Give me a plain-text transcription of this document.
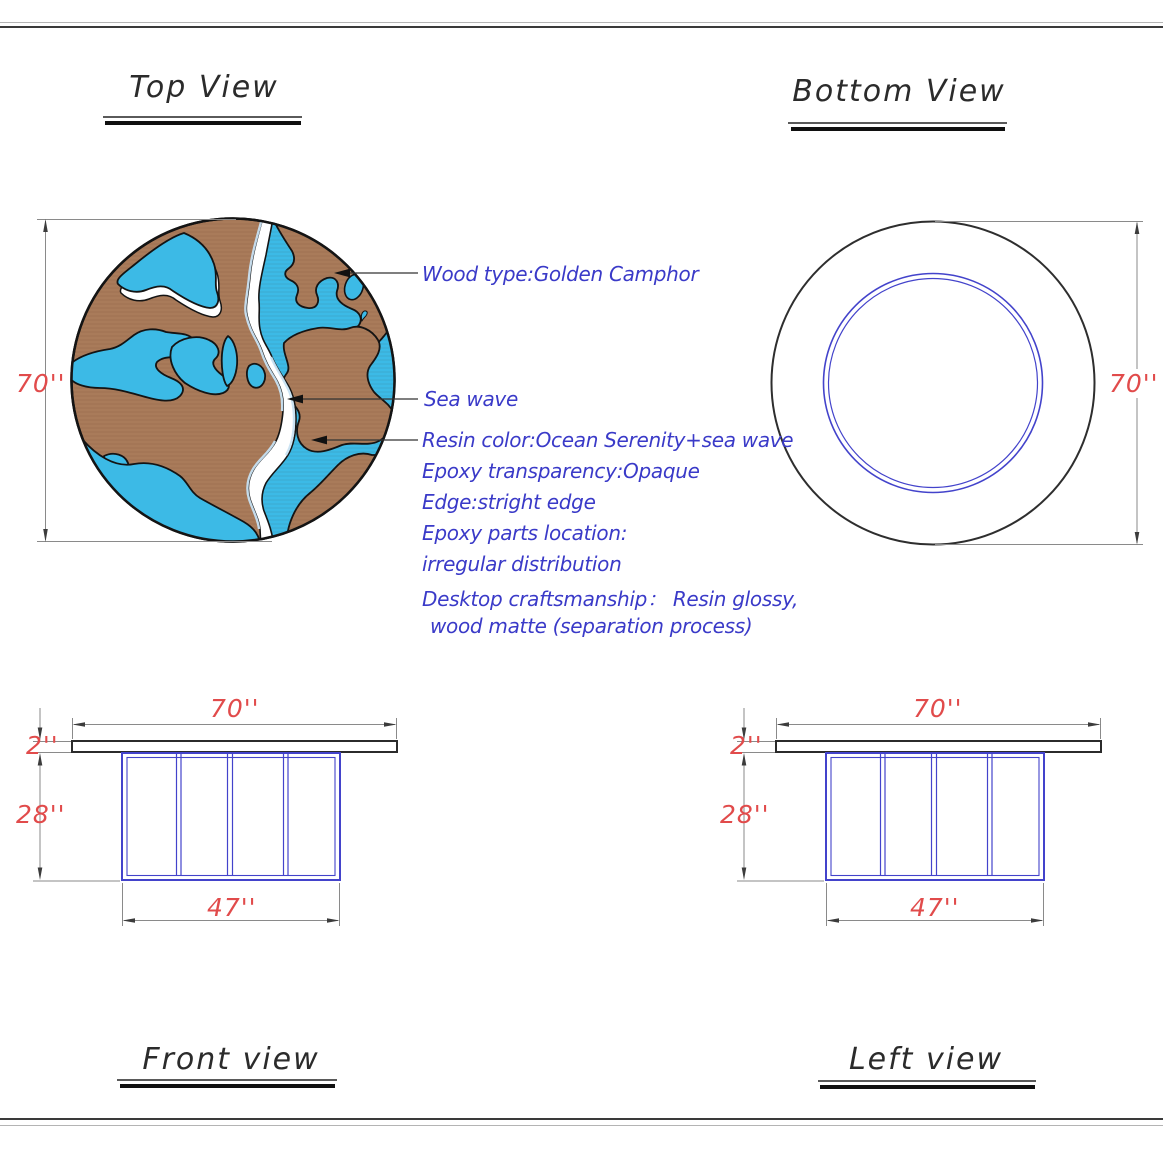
Top View	Bottom View
Front view	Left view
Wood type:Golden Camphor
Sea wave
Resin color:Ocean Serenity+sea wave
Epoxy transparency:Opaque
Edge:stright edge
Epoxy parts location:
irregular distribution
Desktop craftsmanship： Resin glossy,
wood matte (separation process)
70''	70''
70''
2''
28''
47''
70''
2''
28''
47''
